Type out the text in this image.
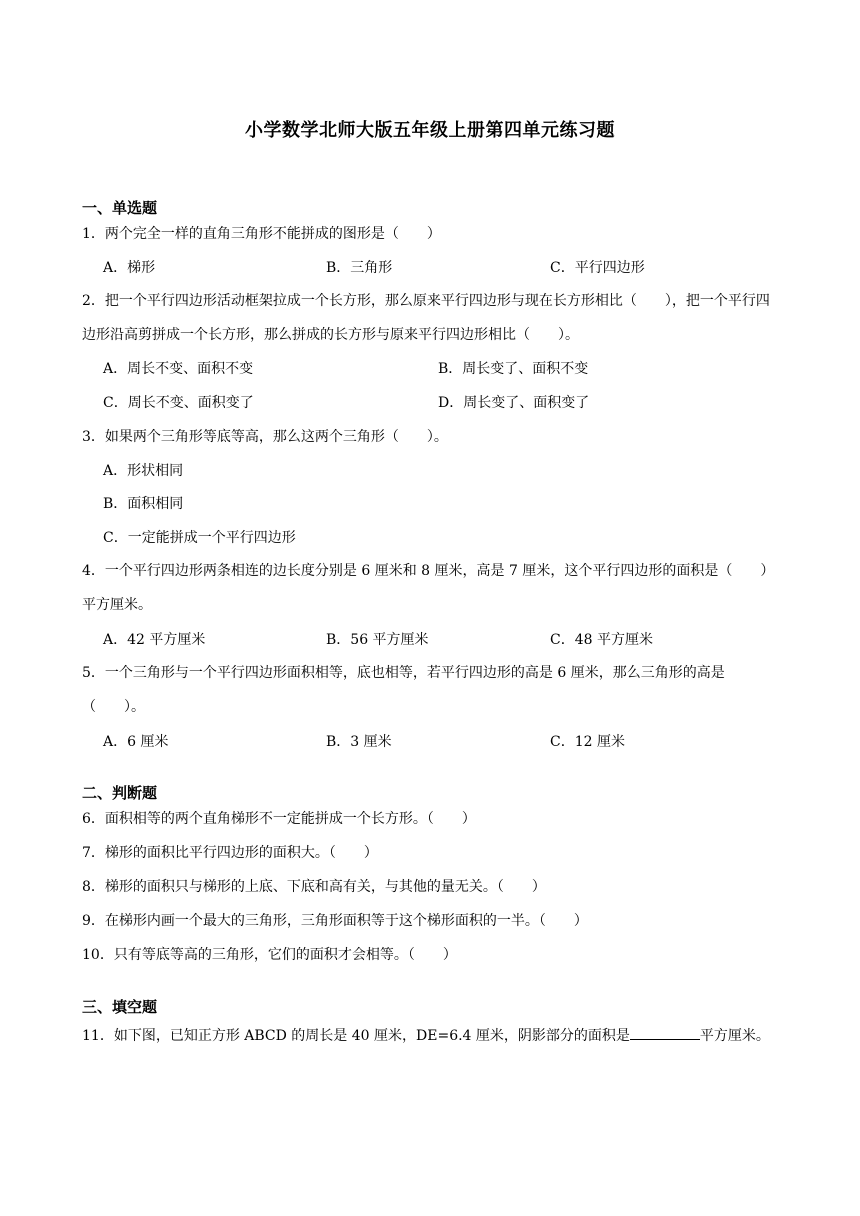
小学数学北师大版五年级上册第四单元练习题
一、单选题
1．两个完全一样的直角三角形不能拼成的图形是（　　）
A．梯形	B．三角形	C．平行四边形
2．把一个平行四边形活动框架拉成一个长方形，那么原来平行四边形与现在长方形相比（　　），把一个平行四边形沿高剪拼成一个长方形，那么拼成的长方形与原来平行四边形相比（　　）。
A．周长不变、面积不变	B．周长变了、面积不变
C．周长不变、面积变了	D．周长变了、面积变了
3．如果两个三角形等底等高，那么这两个三角形（　　）。
A．形状相同
B．面积相同
C．一定能拼成一个平行四边形
4．一个平行四边形两条相连的边长度分别是 6 厘米和 8 厘米，高是 7 厘米，这个平行四边形的面积是（　　）平方厘米。
A．42 平方厘米	B．56 平方厘米	C．48 平方厘米
5．一个三角形与一个平行四边形面积相等，底也相等，若平行四边形的高是 6 厘米，那么三角形的高是（　　）。
A．6 厘米	B．3 厘米	C．12 厘米
二、判断题
6．面积相等的两个直角梯形不一定能拼成一个长方形。（　　）
7．梯形的面积比平行四边形的面积大。（　　）
8．梯形的面积只与梯形的上底、下底和高有关，与其他的量无关。（　　）
9．在梯形内画一个最大的三角形，三角形面积等于这个梯形面积的一半。（　　）
10．只有等底等高的三角形，它们的面积才会相等。（　　）
三、填空题
11．如下图，已知正方形 ABCD 的周长是 40 厘米，DE=6.4 厘米，阴影部分的面积是	平方厘米。
